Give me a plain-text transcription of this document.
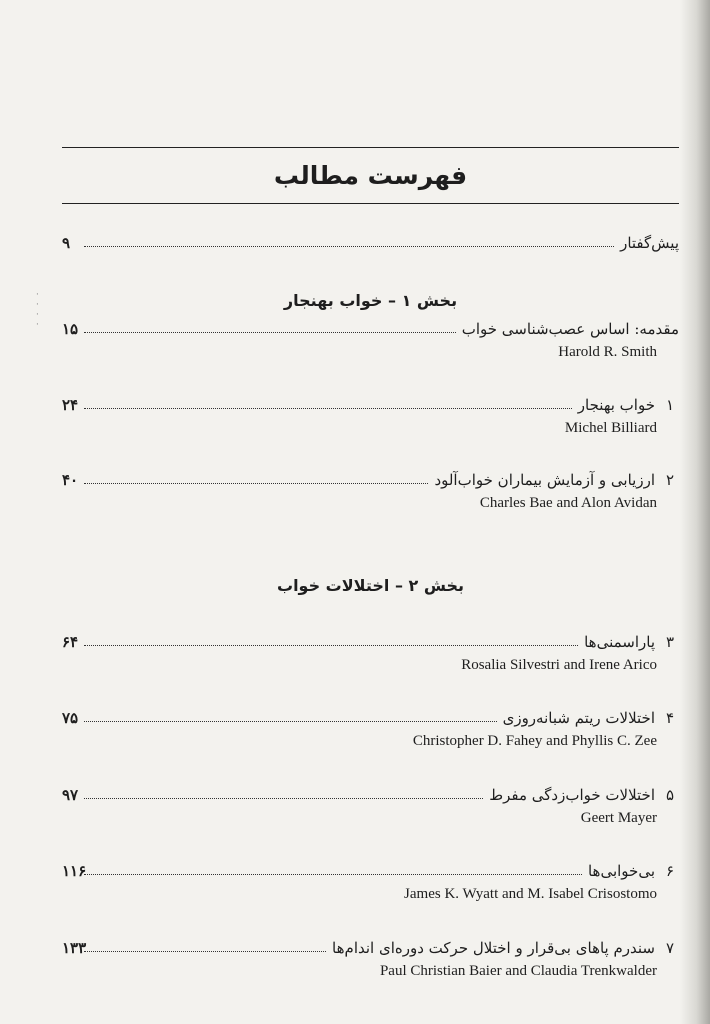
·
·
·
·
فهرست مطالب
پیش‌گفتار
۹
بخش ۱ – خواب بهنجار
مقدمه: اساس عصب‌شناسی خواب
۱۵
Harold R. Smith
۱
خواب بهنجار
۲۴
Michel Billiard
۲
ارزیابی و آزمایش بیماران خواب‌آلود
۴۰
Charles Bae and Alon Avidan
بخش ۲ – اختلالات خواب
۳
پاراسمنی‌ها
۶۴
Rosalia Silvestri and Irene Arico
۴
اختلالات ریتم شبانه‌روزی
۷۵
Christopher D. Fahey and Phyllis C. Zee
۵
اختلالات خواب‌زدگی مفرط
۹۷
Geert Mayer
۶
بی‌خوابی‌ها
۱۱۶
James K. Wyatt and M. Isabel Crisostomo
۷
سندرم پاهای بی‌قرار و اختلال حرکت دوره‌ای اندام‌ها
۱۳۳
Paul Christian Baier and Claudia Trenkwalder
